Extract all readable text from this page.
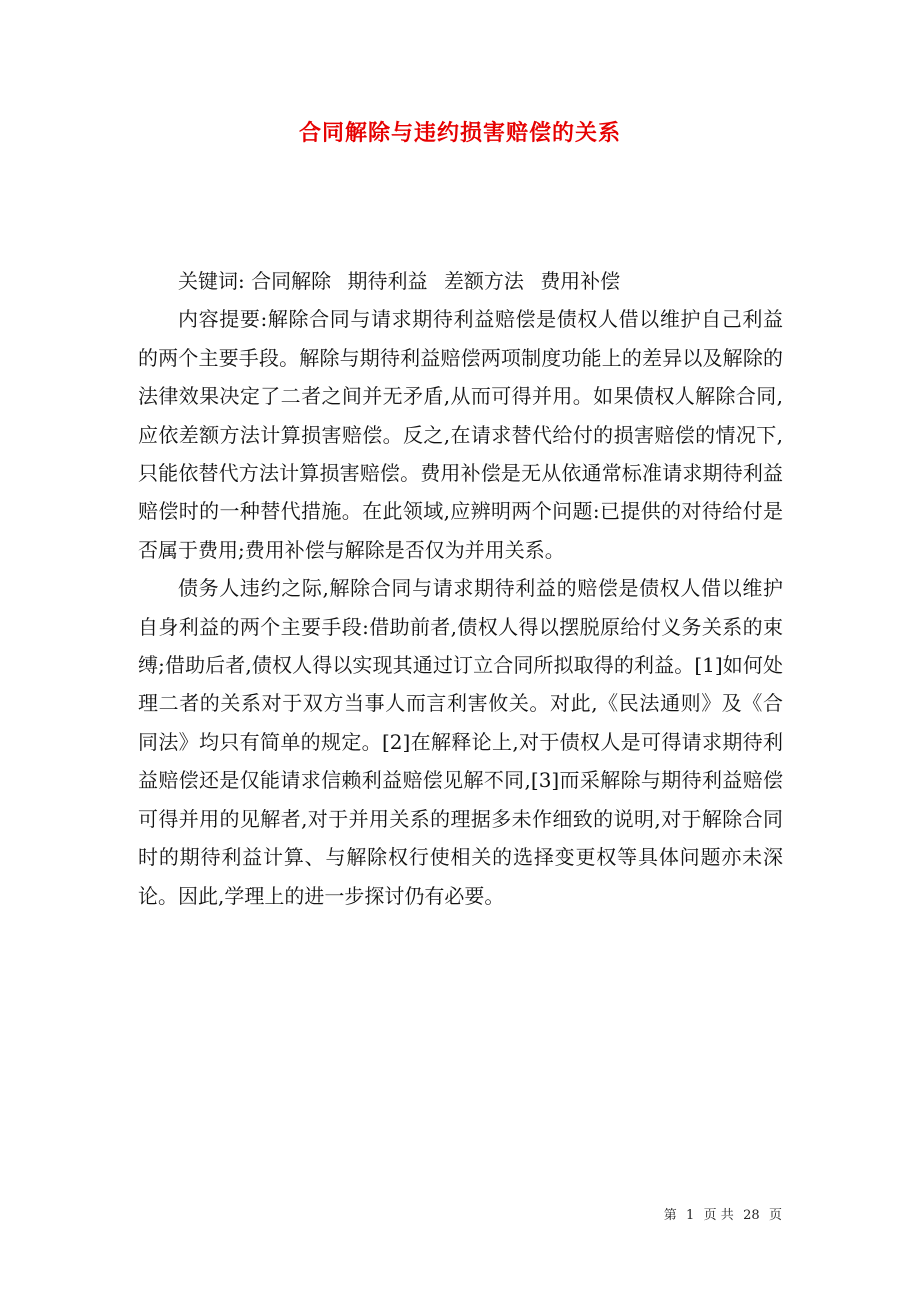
合同解除与违约损害赔偿的关系

关键词: 合同解除 期待利益 差额方法 费用补偿

内容提要:解除合同与请求期待利益赔偿是债权人借以维护自己利益的两个主要手段。解除与期待利益赔偿两项制度功能上的差异以及解除的法律效果决定了二者之间并无矛盾,从而可得并用。如果债权人解除合同,应依差额方法计算损害赔偿。反之,在请求替代给付的损害赔偿的情况下,只能依替代方法计算损害赔偿。费用补偿是无从依通常标准请求期待利益赔偿时的一种替代措施。在此领域,应辨明两个问题:已提供的对待给付是否属于费用;费用补偿与解除是否仅为并用关系。

债务人违约之际,解除合同与请求期待利益的赔偿是债权人借以维护自身利益的两个主要手段:借助前者,债权人得以摆脱原给付义务关系的束缚;借助后者,债权人得以实现其通过订立合同所拟取得的利益。[1]如何处理二者的关系对于双方当事人而言利害攸关。对此,《民法通则》及《合同法》均只有简单的规定。[2]在解释论上,对于债权人是可得请求期待利益赔偿还是仅能请求信赖利益赔偿见解不同,[3]而采解除与期待利益赔偿可得并用的见解者,对于并用关系的理据多未作细致的说明,对于解除合同时的期待利益计算、与解除权行使相关的选择变更权等具体问题亦未深论。因此,学理上的进一步探讨仍有必要。

第 1 页 共 28 页
